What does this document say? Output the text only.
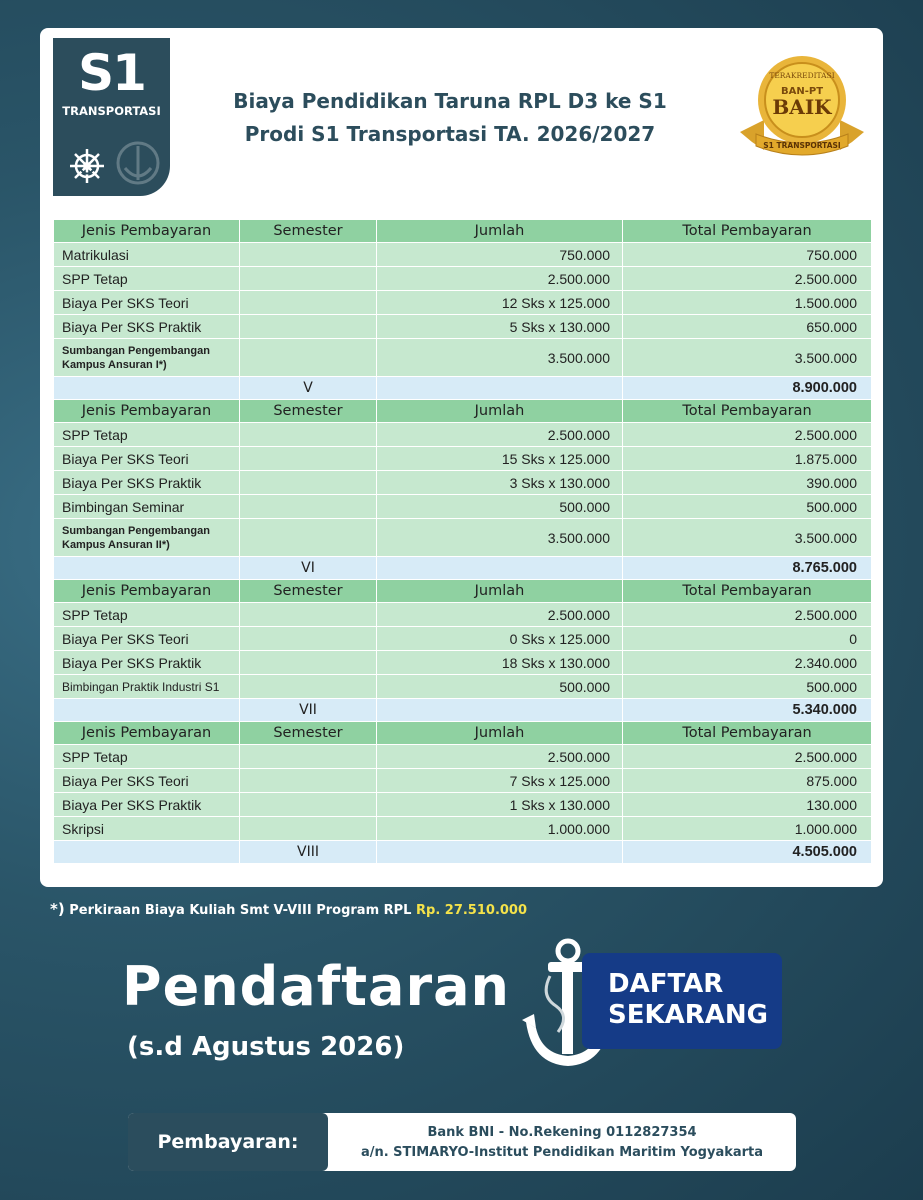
S1
TRANSPORTASI	Biaya Pendidikan Taruna RPL D3 ke S1
Prodi S1 Transportasi TA. 2026/2027
TERAKREDITASI
BAN-PT
BAIK
S1 TRANSPORTASI
Jenis Pembayaran	Semester	Jumlah	Total Pembayaran
Matrikulasi		750.000	750.000
SPP Tetap		2.500.000	2.500.000
Biaya Per SKS Teori		12 Sks x 125.000	1.500.000
Biaya Per SKS Praktik		5 Sks x 130.000	650.000
Sumbangan Pengembangan Kampus Ansuran I*)		3.500.000	3.500.000
	V		8.900.000
Jenis Pembayaran	Semester	Jumlah	Total Pembayaran
SPP Tetap		2.500.000	2.500.000
Biaya Per SKS Teori		15 Sks x 125.000	1.875.000
Biaya Per SKS Praktik		3 Sks x 130.000	390.000
Bimbingan Seminar		500.000	500.000
Sumbangan Pengembangan Kampus Ansuran II*)		3.500.000	3.500.000
	VI		8.765.000
Jenis Pembayaran	Semester	Jumlah	Total Pembayaran
SPP Tetap		2.500.000	2.500.000
Biaya Per SKS Teori		0 Sks x 125.000	0
Biaya Per SKS Praktik		18 Sks x 130.000	2.340.000
Bimbingan Praktik Industri S1		500.000	500.000
	VII		5.340.000
Jenis Pembayaran	Semester	Jumlah	Total Pembayaran
SPP Tetap		2.500.000	2.500.000
Biaya Per SKS Teori		7 Sks x 125.000	875.000
Biaya Per SKS Praktik		1 Sks x 130.000	130.000
Skripsi		1.000.000	1.000.000
	VIII		4.505.000
*) Perkiraan Biaya Kuliah Smt V-VIII Program RPL Rp. 27.510.000
Pendaftaran
(s.d Agustus 2026)
DAFTAR
SEKARANG
Pembayaran:	Bank BNI - No.Rekening 0112827354
a/n. STIMARYO-Institut Pendidikan Maritim Yogyakarta
